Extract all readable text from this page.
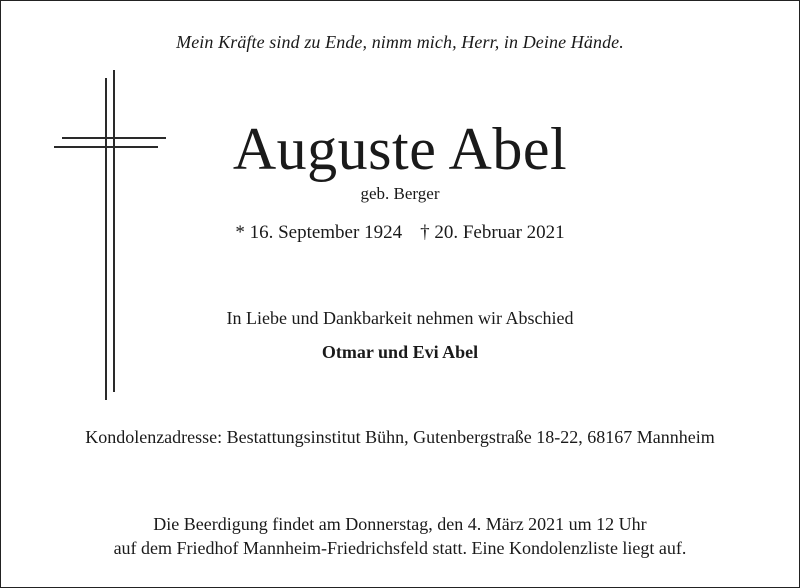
Mein Kräfte sind zu Ende, nimm mich, Herr, in Deine Hände.
Auguste Abel
geb. Berger
* 16. September 1924 † 20. Februar 2021
In Liebe und Dankbarkeit nehmen wir Abschied
Otmar und Evi Abel
Kondolenzadresse: Bestattungsinstitut Bühn, Gutenbergstraße 18-22, 68167 Mannheim
Die Beerdigung findet am Donnerstag, den 4. März 2021 um 12 Uhr
auf dem Friedhof Mannheim-Friedrichsfeld statt. Eine Kondolenzliste liegt auf.
